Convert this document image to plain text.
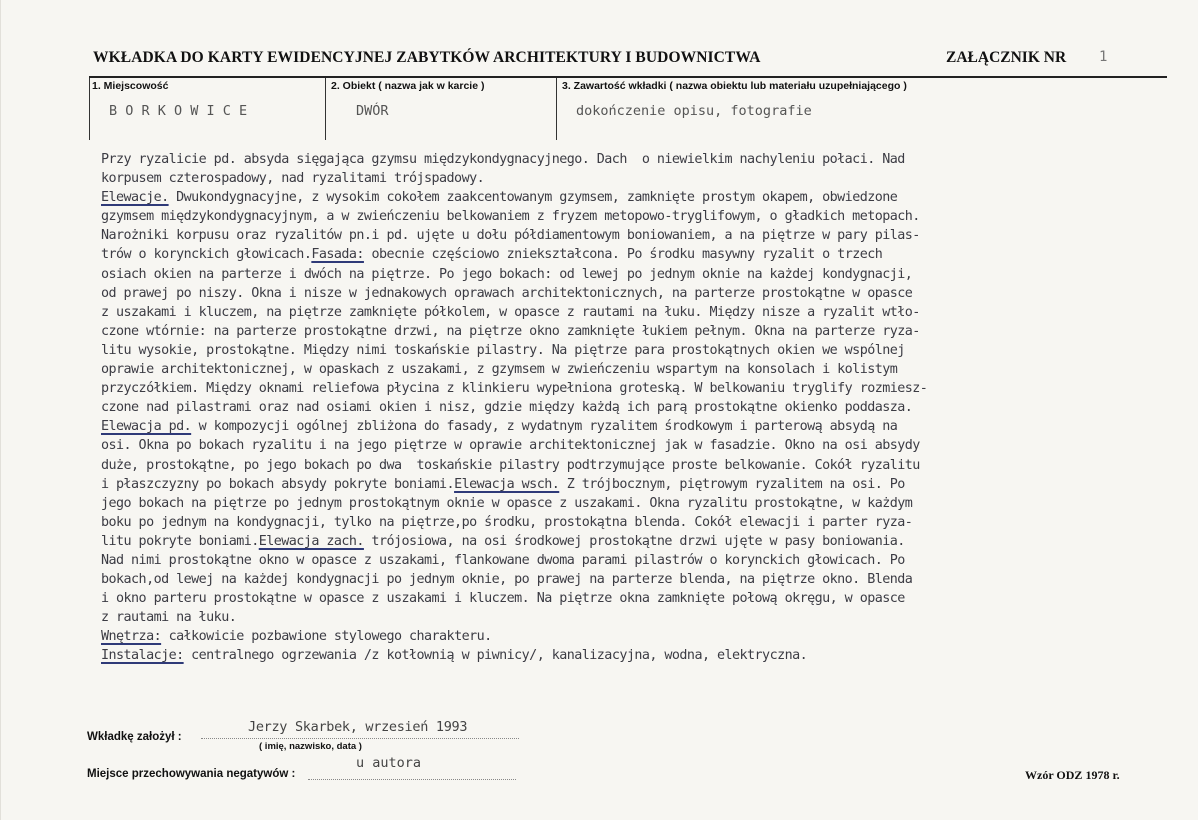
WKŁADKA DO KARTY EWIDENCYJNEJ ZABYTKÓW ARCHITEKTURY I BUDOWNICTWA	ZAŁĄCZNIK NR 1
1. Miejscowość
B O R K O W I C E
2. Obiekt ( nazwa jak w karcie )
DWÓR
3. Zawartość wkładki ( nazwa obiektu lub materiału uzupełniającego )
dokończenie opisu, fotografie
Przy ryzalicie pd. absyda sięgająca gzymsu międzykondygnacyjnego. Dach  o niewielkim nachyleniu połaci. Nad
korpusem czterospadowy, nad ryzalitami trójspadowy.
Elewacje. Dwukondygnacyjne, z wysokim cokołem zaakcentowanym gzymsem, zamknięte prostym okapem, obwiedzone
gzymsem międzykondygnacyjnym, a w zwieńczeniu belkowaniem z fryzem metopowo-tryglifowym, o gładkich metopach.
Narożniki korpusu oraz ryzalitów pn.i pd. ujęte u dołu półdiamentowym boniowaniem, a na piętrze w pary pilas-
trów o korynckich głowicach.Fasada: obecnie częściowo zniekształcona. Po środku masywny ryzalit o trzech
osiach okien na parterze i dwóch na piętrze. Po jego bokach: od lewej po jednym oknie na każdej kondygnacji,
od prawej po niszy. Okna i nisze w jednakowych oprawach architektonicznych, na parterze prostokątne w opasce
z uszakami i kluczem, na piętrze zamknięte półkolem, w opasce z rautami na łuku. Między nisze a ryzalit wtło-
czone wtórnie: na parterze prostokątne drzwi, na piętrze okno zamknięte łukiem pełnym. Okna na parterze ryza-
litu wysokie, prostokątne. Między nimi toskańskie pilastry. Na piętrze para prostokątnych okien we wspólnej
oprawie architektonicznej, w opaskach z uszakami, z gzymsem w zwieńczeniu wspartym na konsolach i kolistym
przyczółkiem. Między oknami reliefowa płycina z klinkieru wypełniona groteską. W belkowaniu tryglify rozmiesz-
czone nad pilastrami oraz nad osiami okien i nisz, gdzie między każdą ich parą prostokątne okienko poddasza.
Elewacja pd. w kompozycji ogólnej zbliżona do fasady, z wydatnym ryzalitem środkowym i parterową absydą na
osi. Okna po bokach ryzalitu i na jego piętrze w oprawie architektonicznej jak w fasadzie. Okno na osi absydy
duże, prostokątne, po jego bokach po dwa  toskańskie pilastry podtrzymujące proste belkowanie. Cokół ryzalitu
i płaszczyzny po bokach absydy pokryte boniami.Elewacja wsch. Z trójbocznym, piętrowym ryzalitem na osi. Po
jego bokach na piętrze po jednym prostokątnym oknie w opasce z uszakami. Okna ryzalitu prostokątne, w każdym
boku po jednym na kondygnacji, tylko na piętrze,po środku, prostokątna blenda. Cokół elewacji i parter ryza-
litu pokryte boniami.Elewacja zach. trójosiowa, na osi środkowej prostokątne drzwi ujęte w pasy boniowania.
Nad nimi prostokątne okno w opasce z uszakami, flankowane dwoma parami pilastrów o korynckich głowicach. Po
bokach,od lewej na każdej kondygnacji po jednym oknie, po prawej na parterze blenda, na piętrze okno. Blenda
i okno parteru prostokątne w opasce z uszakami i kluczem. Na piętrze okna zamknięte połową okręgu, w opasce
z rautami na łuku.
Wnętrza: całkowicie pozbawione stylowego charakteru.
Instalacje: centralnego ogrzewania /z kotłownią w piwnicy/, kanalizacyjna, wodna, elektryczna.
Wkładkę założył :
Jerzy Skarbek, wrzesień 1993
( imię, nazwisko, data )
Miejsce przechowywania negatywów :
u autora
Wzór ODZ 1978 r.
